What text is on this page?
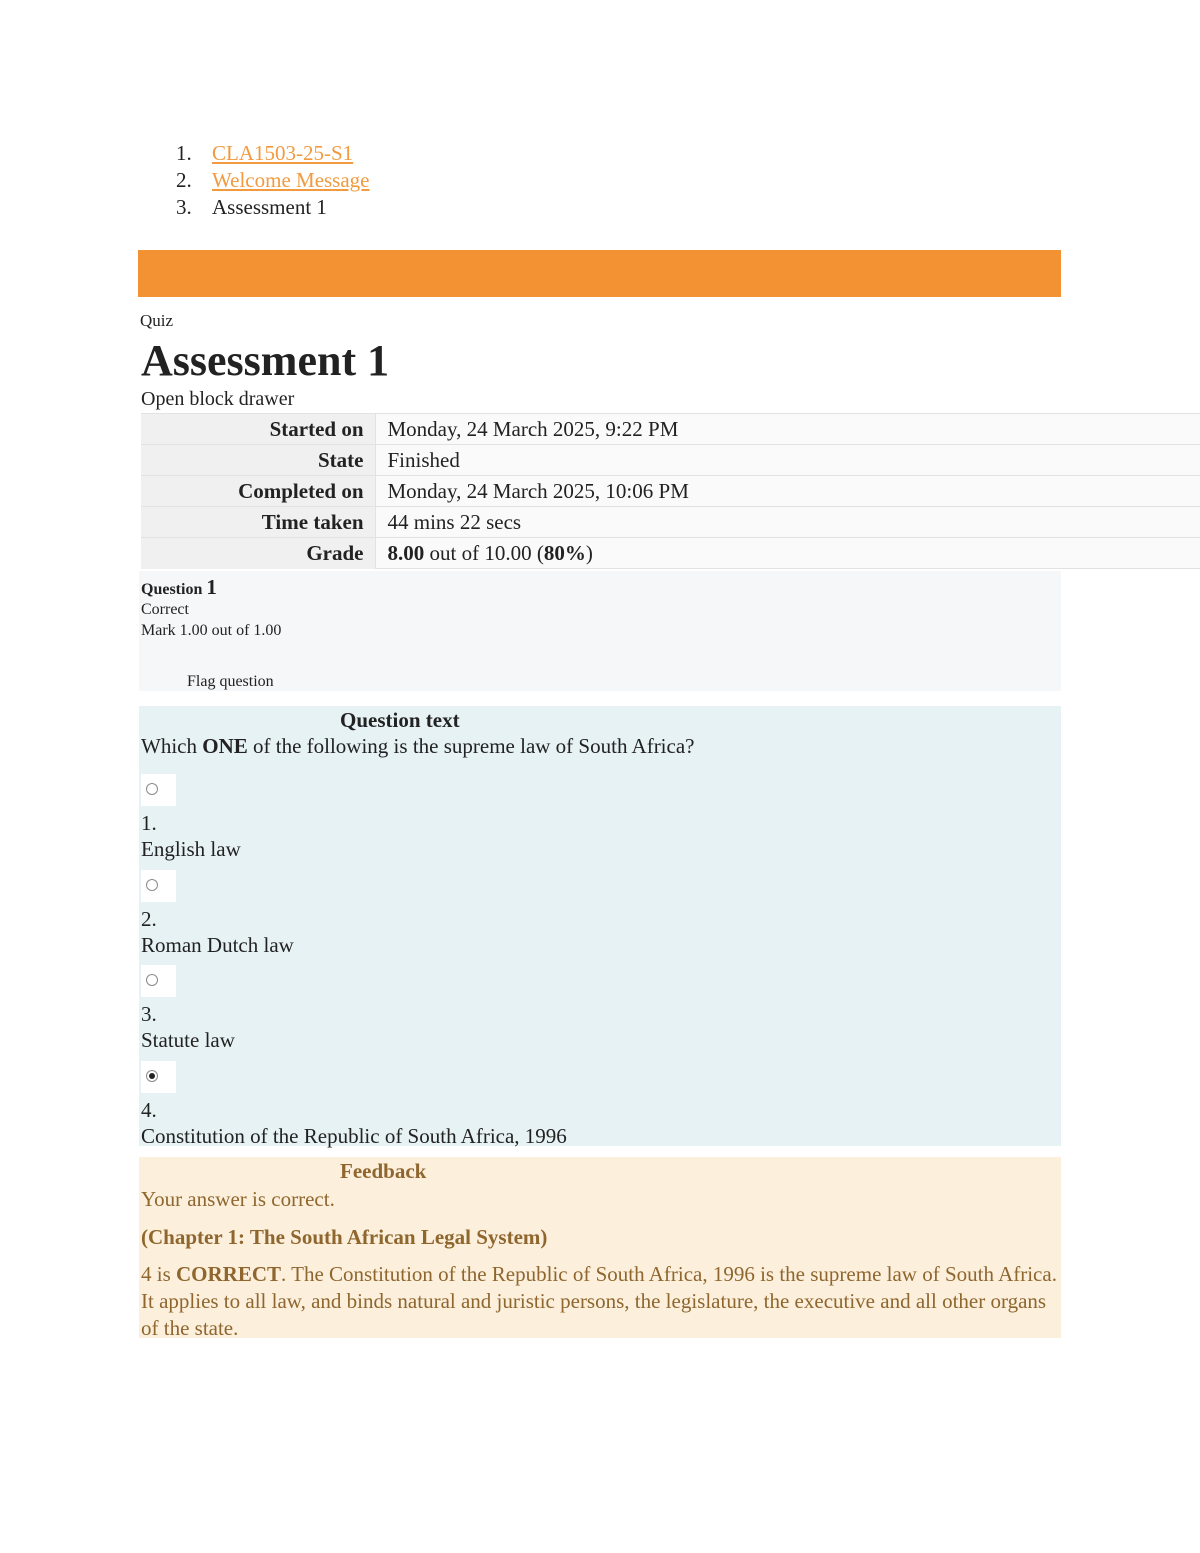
1. CLA1503-25-S1
2. Welcome Message
3. Assessment 1
Quiz
Assessment 1
Open block drawer
Started on	Monday, 24 March 2025, 9:22 PM
State	Finished
Completed on	Monday, 24 March 2025, 10:06 PM
Time taken	44 mins 22 secs
Grade	8.00 out of 10.00 (80%)
Question 1
Correct
Mark 1.00 out of 1.00
Flag question
Question text
Which ONE of the following is the supreme law of South Africa?
1.
English law
2.
Roman Dutch law
3.
Statute law
4.
Constitution of the Republic of South Africa, 1996
Feedback
Your answer is correct.
(Chapter 1: The South African Legal System)
4 is CORRECT. The Constitution of the Republic of South Africa, 1996 is the supreme law of South Africa. It applies to all law, and binds natural and juristic persons, the legislature, the executive and all other organs of the state.
